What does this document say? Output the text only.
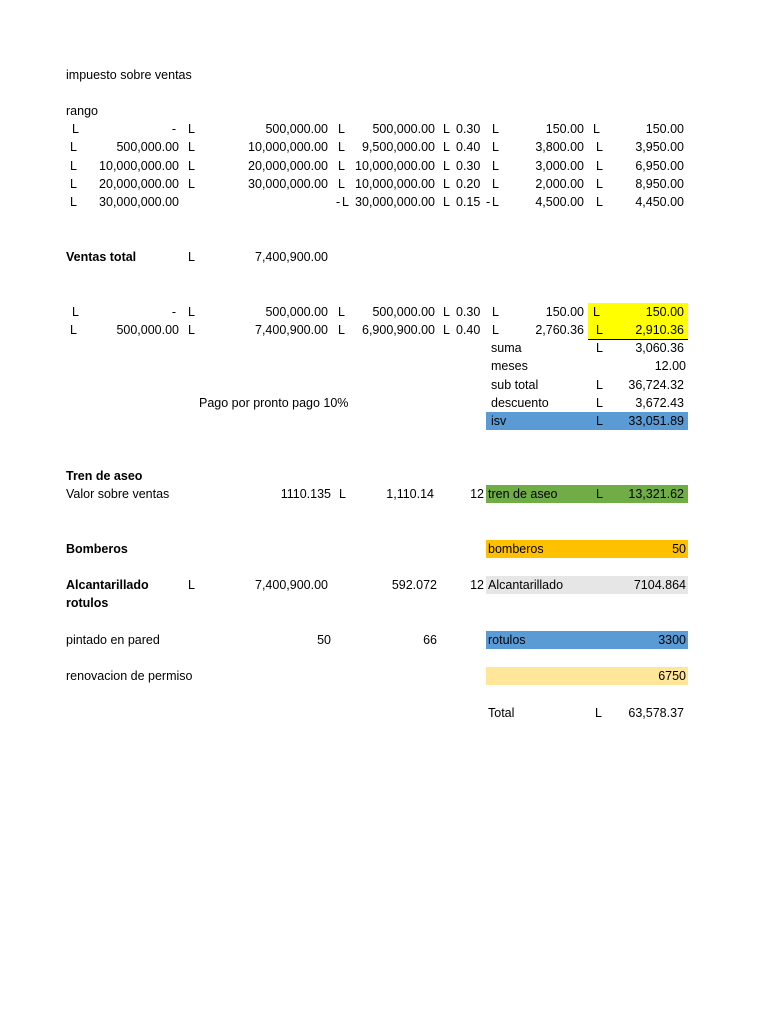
impuesto sobre ventas
rango
L	- L	500,000.00 L	500,000.00 L 0.30 L	150.00 L	150.00
L	500,000.00 L	10,000,000.00 L	9,500,000.00 L 0.40 L	3,800.00 L	3,950.00
L	10,000,000.00 L	20,000,000.00 L 10,000,000.00 L 0.30 L	3,000.00 L	6,950.00
L	20,000,000.00 L	30,000,000.00 L 10,000,000.00 L 0.20 L	2,000.00 L	8,950.00
L	30,000,000.00	- L 30,000,000.00 L 0.15 - L	4,500.00 L	4,450.00
Ventas total	L	7,400,900.00
L	- L	500,000.00 L	500,000.00 L 0.30 L	150.00 L	150.00
L	500,000.00 L	7,400,900.00 L	6,900,900.00 L 0.40 L	2,760.36 L	2,910.36
suma	L	3,060.36
meses	12.00
sub total	L	36,724.32
Pago por pronto pago 10%	descuento	L	3,672.43
isv	L	33,051.89
Tren de aseo
Valor sobre ventas	1110.135 L	1,110.14	12 tren de aseo	L	13,321.62
Bomberos	bomberos	50
Alcantarillado	L	7,400,900.00	592.072	12 Alcantarillado	7104.864
rotulos
pintado en pared	50	66	rotulos	3300
renovacion de permiso	6750
Total	L	63,578.37
